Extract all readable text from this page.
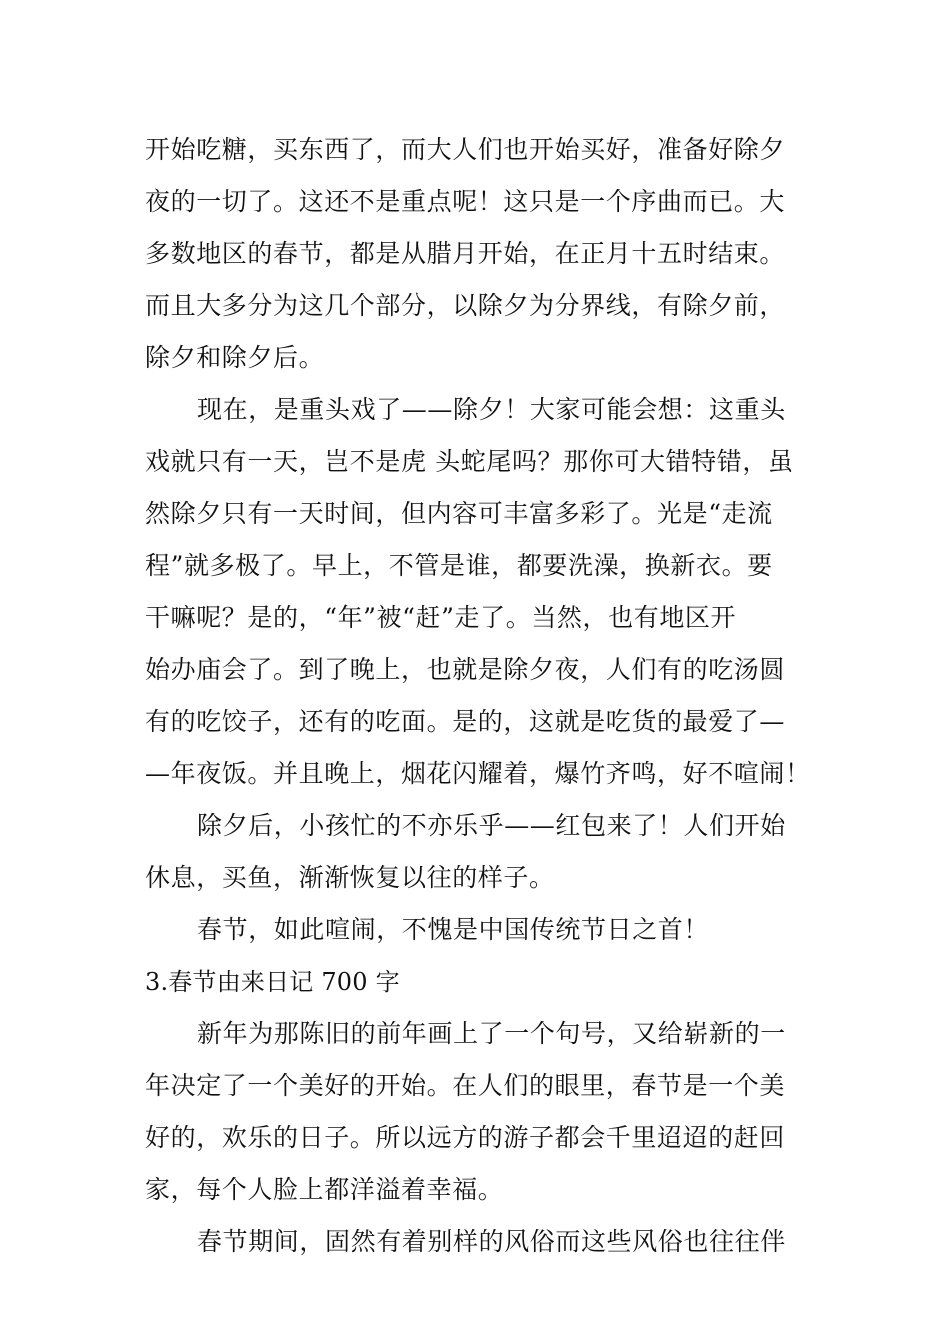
开始吃糖，买东西了，而大人们也开始买好，准备好除夕
夜的一切了。这还不是重点呢！这只是一个序曲而已。大
多数地区的春节，都是从腊月开始，在正月十五时结束。
而且大多分为这几个部分，以除夕为分界线，有除夕前，
除夕和除夕后。
现在，是重头戏了——除夕！大家可能会想：这重头
戏就只有一天，岂不是虎 头蛇尾吗？那你可大错特错，虽
然除夕只有一天时间，但内容可丰富多彩了。光是“走流
程”就多极了。早上，不管是谁，都要洗澡，换新衣。要
干嘛呢？是的，“年”被“赶”走了。当然，也有地区开
始办庙会了。到了晚上，也就是除夕夜，人们有的吃汤圆
有的吃饺子，还有的吃面。是的，这就是吃货的最爱了—
—年夜饭。并且晚上，烟花闪耀着，爆竹齐鸣，好不喧闹！
除夕后，小孩忙的不亦乐乎——红包来了！人们开始
休息，买鱼，渐渐恢复以往的样子。
春节，如此喧闹，不愧是中国传统节日之首！
3.春节由来日记 700 字
新年为那陈旧的前年画上了一个句号，又给崭新的一
年决定了一个美好的开始。在人们的眼里，春节是一个美
好的，欢乐的日子。所以远方的游子都会千里迢迢的赶回
家，每个人脸上都洋溢着幸福。
春节期间，固然有着别样的风俗而这些风俗也往往伴
